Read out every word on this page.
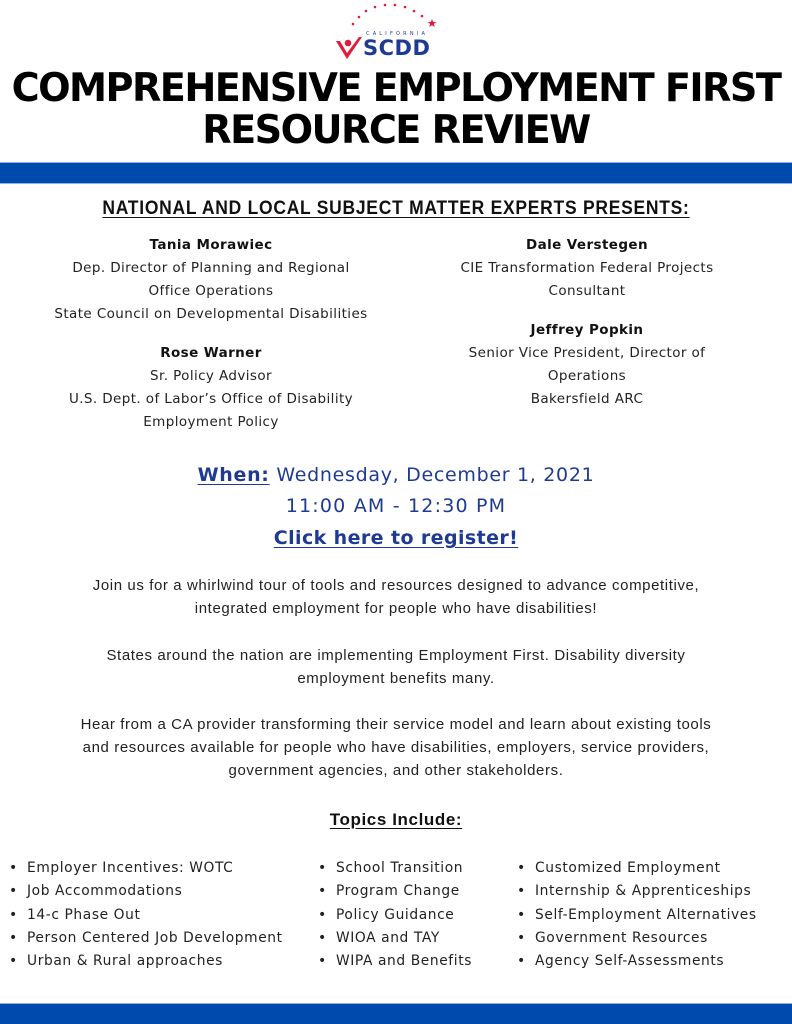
CALIFORNIA
SCDD
COMPREHENSIVE EMPLOYMENT FIRST
RESOURCE REVIEW
NATIONAL AND LOCAL SUBJECT MATTER EXPERTS PRESENTS:
Tania Morawiec
Dep. Director of Planning and Regional
Office Operations
State Council on Developmental Disabilities
Rose Warner
Sr. Policy Advisor
U.S. Dept. of Labor’s Office of Disability
Employment Policy
Dale Verstegen
CIE Transformation Federal Projects
Consultant
Jeffrey Popkin
Senior Vice President, Director of
Operations
Bakersfield ARC
When: Wednesday, December 1, 2021
11:00 AM - 12:30 PM
Click here to register!
Join us for a whirlwind tour of tools and resources designed to advance competitive,
integrated employment for people who have disabilities!
States around the nation are implementing Employment First. Disability diversity
employment benefits many.
Hear from a CA provider transforming their service model and learn about existing tools
and resources available for people who have disabilities, employers, service providers,
government agencies, and other stakeholders.
Topics Include:
• Employer Incentives: WOTC
• Job Accommodations
• 14-c Phase Out
• Person Centered Job Development
• Urban & Rural approaches
• School Transition
• Program Change
• Policy Guidance
• WIOA and TAY
• WIPA and Benefits
• Customized Employment
• Internship & Apprenticeships
• Self-Employment Alternatives
• Government Resources
• Agency Self-Assessments
